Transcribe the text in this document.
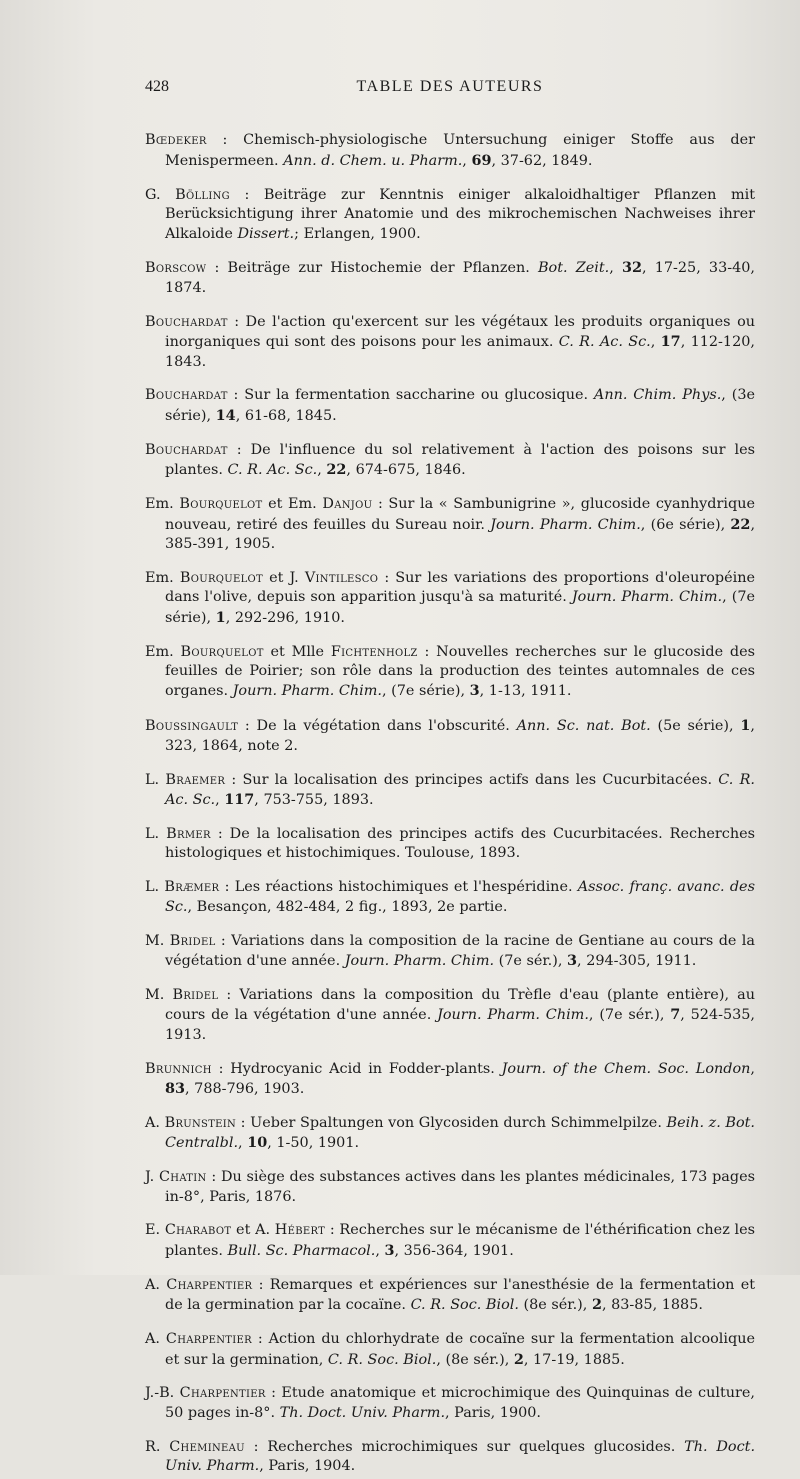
428	TABLE DES AUTEURS

Bœdeker : Chemisch-physiologische Untersuchung einiger Stoffe aus der Menispermeen. Ann. d. Chem. u. Pharm., 69, 37-62, 1849.

G. Bölling : Beiträge zur Kenntnis einiger alkaloidhaltiger Pflanzen mit Berücksichtigung ihrer Anatomie und des mikrochemischen Nachweises ihrer Alkaloide Dissert.; Erlangen, 1900.

Borscow : Beiträge zur Histochemie der Pflanzen. Bot. Zeit., 32, 17-25, 33-40, 1874.

Bouchardat : De l'action qu'exercent sur les végétaux les produits organiques ou inorganiques qui sont des poisons pour les animaux. C. R. Ac. Sc., 17, 112-120, 1843.

Bouchardat : Sur la fermentation saccharine ou glucosique. Ann. Chim. Phys., (3e série), 14, 61-68, 1845.

Bouchardat : De l'influence du sol relativement à l'action des poisons sur les plantes. C. R. Ac. Sc., 22, 674-675, 1846.

Em. Bourquelot et Em. Danjou : Sur la « Sambunigrine », glucoside cyanhydrique nouveau, retiré des feuilles du Sureau noir. Journ. Pharm. Chim., (6e série), 22, 385-391, 1905.

Em. Bourquelot et J. Vintilesco : Sur les variations des proportions d'oleuropéine dans l'olive, depuis son apparition jusqu'à sa maturité. Journ. Pharm. Chim., (7e série), 1, 292-296, 1910.

Em. Bourquelot et Mlle Fichtenholz : Nouvelles recherches sur le glucoside des feuilles de Poirier; son rôle dans la production des teintes automnales de ces organes. Journ. Pharm. Chim., (7e série), 3, 1-13, 1911.

Boussingault : De la végétation dans l'obscurité. Ann. Sc. nat. Bot. (5e série), 1, 323, 1864, note 2.

L. Braemer : Sur la localisation des principes actifs dans les Cucurbitacées. C. R. Ac. Sc., 117, 753-755, 1893.

L. Brmer : De la localisation des principes actifs des Cucurbitacées. Recherches histologiques et histochimiques. Toulouse, 1893.

L. Bræmer : Les réactions histochimiques et l'hespéridine. Assoc. franç. avanc. des Sc., Besançon, 482-484, 2 fig., 1893, 2e partie.

M. Bridel : Variations dans la composition de la racine de Gentiane au cours de la végétation d'une année. Journ. Pharm. Chim. (7e sér.), 3, 294-305, 1911.

M. Bridel : Variations dans la composition du Trèfle d'eau (plante entière), au cours de la végétation d'une année. Journ. Pharm. Chim., (7e sér.), 7, 524-535, 1913.

Brunnich : Hydrocyanic Acid in Fodder-plants. Journ. of the Chem. Soc. London, 83, 788-796, 1903.

A. Brunstein : Ueber Spaltungen von Glycosiden durch Schimmelpilze. Beih. z. Bot. Centralbl., 10, 1-50, 1901.

J. Chatin : Du siège des substances actives dans les plantes médicinales, 173 pages in-8°, Paris, 1876.

E. Charabot et A. Hébert : Recherches sur le mécanisme de l'éthérification chez les plantes. Bull. Sc. Pharmacol., 3, 356-364, 1901.

A. Charpentier : Remarques et expériences sur l'anesthésie de la fermentation et de la germination par la cocaïne. C. R. Soc. Biol. (8e sér.), 2, 83-85, 1885.

A. Charpentier : Action du chlorhydrate de cocaïne sur la fermentation alcoolique et sur la germination, C. R. Soc. Biol., (8e sér.), 2, 17-19, 1885.

J.-B. Charpentier : Etude anatomique et microchimique des Quinquinas de culture, 50 pages in-8°. Th. Doct. Univ. Pharm., Paris, 1900.

R. Chemineau : Recherches microchimiques sur quelques glucosides. Th. Doct. Univ. Pharm., Paris, 1904.
